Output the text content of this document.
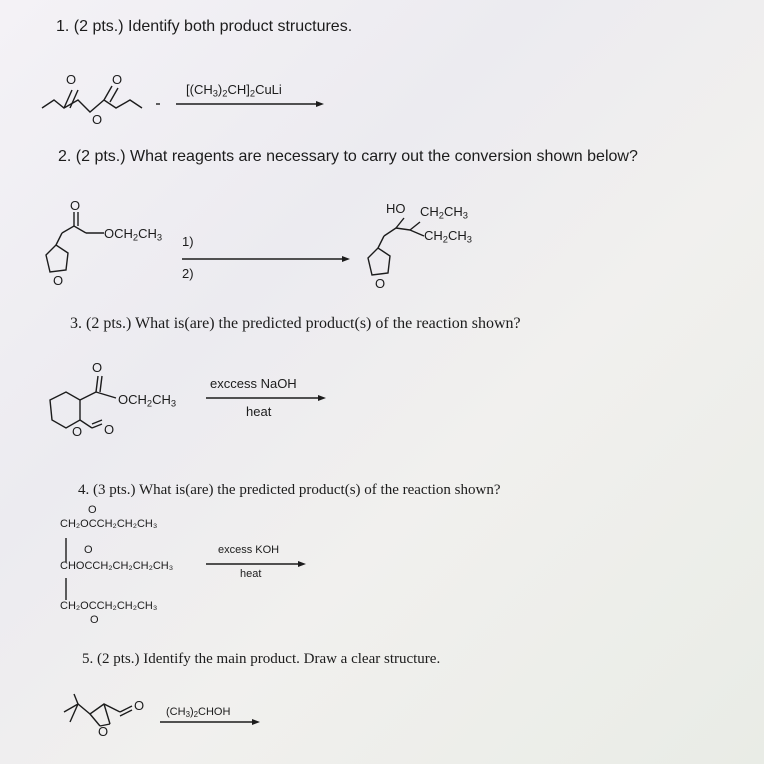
1. (2 pts.) Identify both product structures.
O	O
O
$[(CH_3)_2CH]_2CuLi$
2. (2 pts.) What reagents are necessary to carry out the conversion shown below?
O
$OCH_2CH_3$ 1)
2)
O
HO $CH_2CH_3$
$CH_2CH_3$
O
3. (2 pts.) What is(are) the predicted product(s) of the reaction shown?
O
$OCH_2CH_3$
O O
exccess NaOH
heat
4. (3 pts.) What is(are) the predicted product(s) of the reaction shown?
O
CH₂OCCH₂CH₂CH₃
O
CHOCCH₂CH₂CH₂CH₃
CH₂OCCH₂CH₂CH₃
O
excess KOH
heat
5. (2 pts.) Identify the main product. Draw a clear structure.
O
O
$(CH_3)_2CHOH$
